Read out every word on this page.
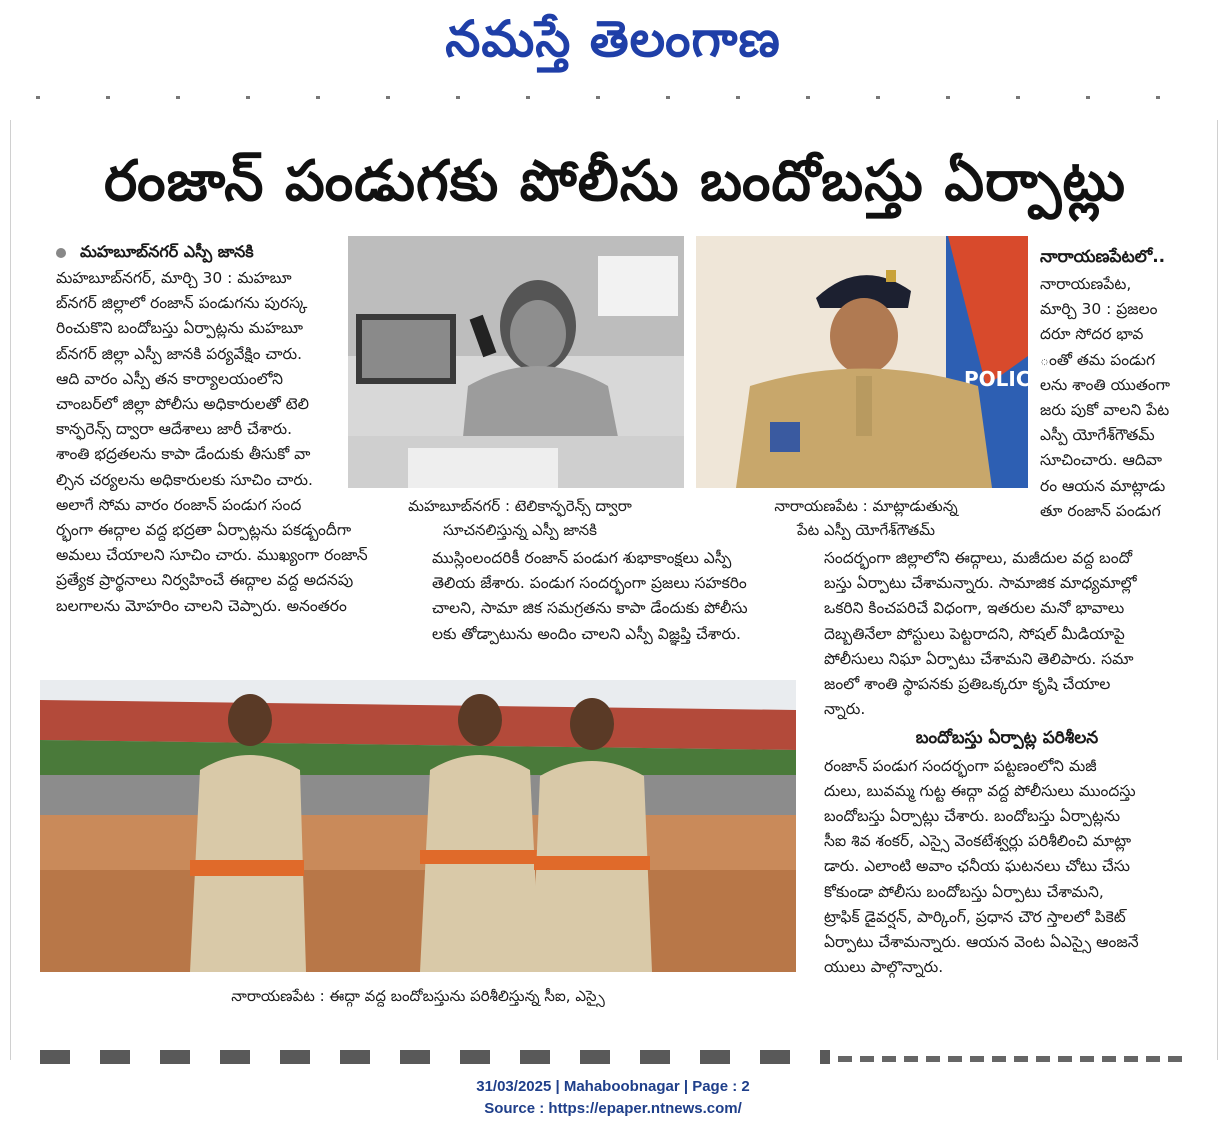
నమస్తే తెలంగాణ
రంజాన్ పండుగకు పోలీసు బందోబస్తు ఏర్పాట్లు
మహబూబ్‌నగర్ ఎస్పీ జానకి

మహబూబ్‌నగర్, మార్చి 30 : మహబూ

బ్‌నగర్ జిల్లాలో రంజాన్ పండుగను పురస్క

రించుకొని బందోబస్తు ఏర్పాట్లను మహబూ

బ్‌నగర్ జిల్లా ఎస్పీ జానకి పర్యవేక్షిం చారు.

ఆది వారం ఎస్పీ తన కార్యాలయంలోని

చాంబర్‌లో జిల్లా పోలీసు అధికారులతో టెలి

కాన్ఫరెన్స్ ద్వారా ఆదేశాలు జారీ చేశారు.

శాంతి భద్రతలను కాపా డేందుకు తీసుకో వా

ల్సిన చర్యలను అధికారులకు సూచిం చారు.

అలాగే సోమ వారం రంజాన్ పండుగ సంద

ర్భంగా ఈద్గాల వద్ద భద్రతా ఏర్పాట్లను పకడ్బందీగా

అమలు చేయాలని సూచిం చారు. ముఖ్యంగా రంజాన్

ప్రత్యేక ప్రార్థనాలు నిర్వహించే ఈద్గాల వద్ద అదనపు

బలగాలను మోహరిం చాలని చెప్పారు. అనంతరం

మహబూబ్‌నగర్ : టెలికాన్ఫరెన్స్ ద్వారా
సూచనలిస్తున్న ఎస్పీ జానకి
POLICE
నారాయణపేట : మాట్లాడుతున్న
పేట ఎస్పీ యోగేశ్‌గౌతమ్
నారాయణపేటలో..

నారాయణపేట,

మార్చి 30 : ప్రజలం

దరూ సోదర భావ

ంతో తమ పండుగ

లను శాంతి యుతంగా

జరు పుకో వాలని పేట

ఎస్పీ యోగేశ్‌గౌతమ్

సూచించారు. ఆదివా

రం ఆయన మాట్లాడు

తూ రంజాన్ పండుగ

ముస్లింలందరికీ రంజాన్ పండుగ శుభాకాంక్షలు ఎస్పీ

తెలియ జేశారు. పండుగ సందర్భంగా ప్రజలు సహకరిం

చాలని, సామా జిక సమగ్రతను కాపా డేందుకు పోలీసు

లకు తోడ్పాటును అందిం చాలని ఎస్పీ విజ్ఞప్తి చేశారు.

సందర్భంగా జిల్లాలోని ఈద్గాలు, మజీదుల వద్ద బందో

బస్తు ఏర్పాటు చేశామన్నారు. సామాజిక మాధ్యమాల్లో

ఒకరిని కించపరిచే విధంగా, ఇతరుల మనో భావాలు

దెబ్బతినేలా పోస్టులు పెట్టరాదని, సోషల్ మీడియాపై

పోలీసులు నిఘా ఏర్పాటు చేశామని తెలిపారు. సమా

జంలో శాంతి స్థాపనకు ప్రతిఒక్కరూ కృషి చేయాల

న్నారు.

బందోబస్తు ఏర్పాట్ల పరిశీలన

రంజాన్ పండుగ సందర్భంగా పట్టణంలోని మజీ

దులు, బువమ్మ గుట్ట ఈద్గా వద్ద పోలీసులు ముందస్తు

బందోబస్తు ఏర్పాట్లు చేశారు. బందోబస్తు ఏర్పాట్లను

సీఐ శివ శంకర్, ఎస్సై వెంకటేశ్వర్లు పరిశీలించి మాట్లా

డారు. ఎలాంటి అవాం ఛనీయ ఘటనలు చోటు చేసు

కోకుండా పోలీసు బందోబస్తు ఏర్పాటు చేశామని,

ట్రాఫిక్ డైవర్షన్, పార్కింగ్, ప్రధాన చౌర స్తాలలో పికెట్

ఏర్పాటు చేశామన్నారు. ఆయన వెంట ఏఎస్సై ఆంజనే

యులు పాల్గొన్నారు.

నారాయణపేట : ఈద్గా వద్ద బందోబస్తును పరిశీలిస్తున్న సీఐ, ఎస్సై
31/03/2025 | Mahaboobnagar | Page : 2
Source : https://epaper.ntnews.com/
